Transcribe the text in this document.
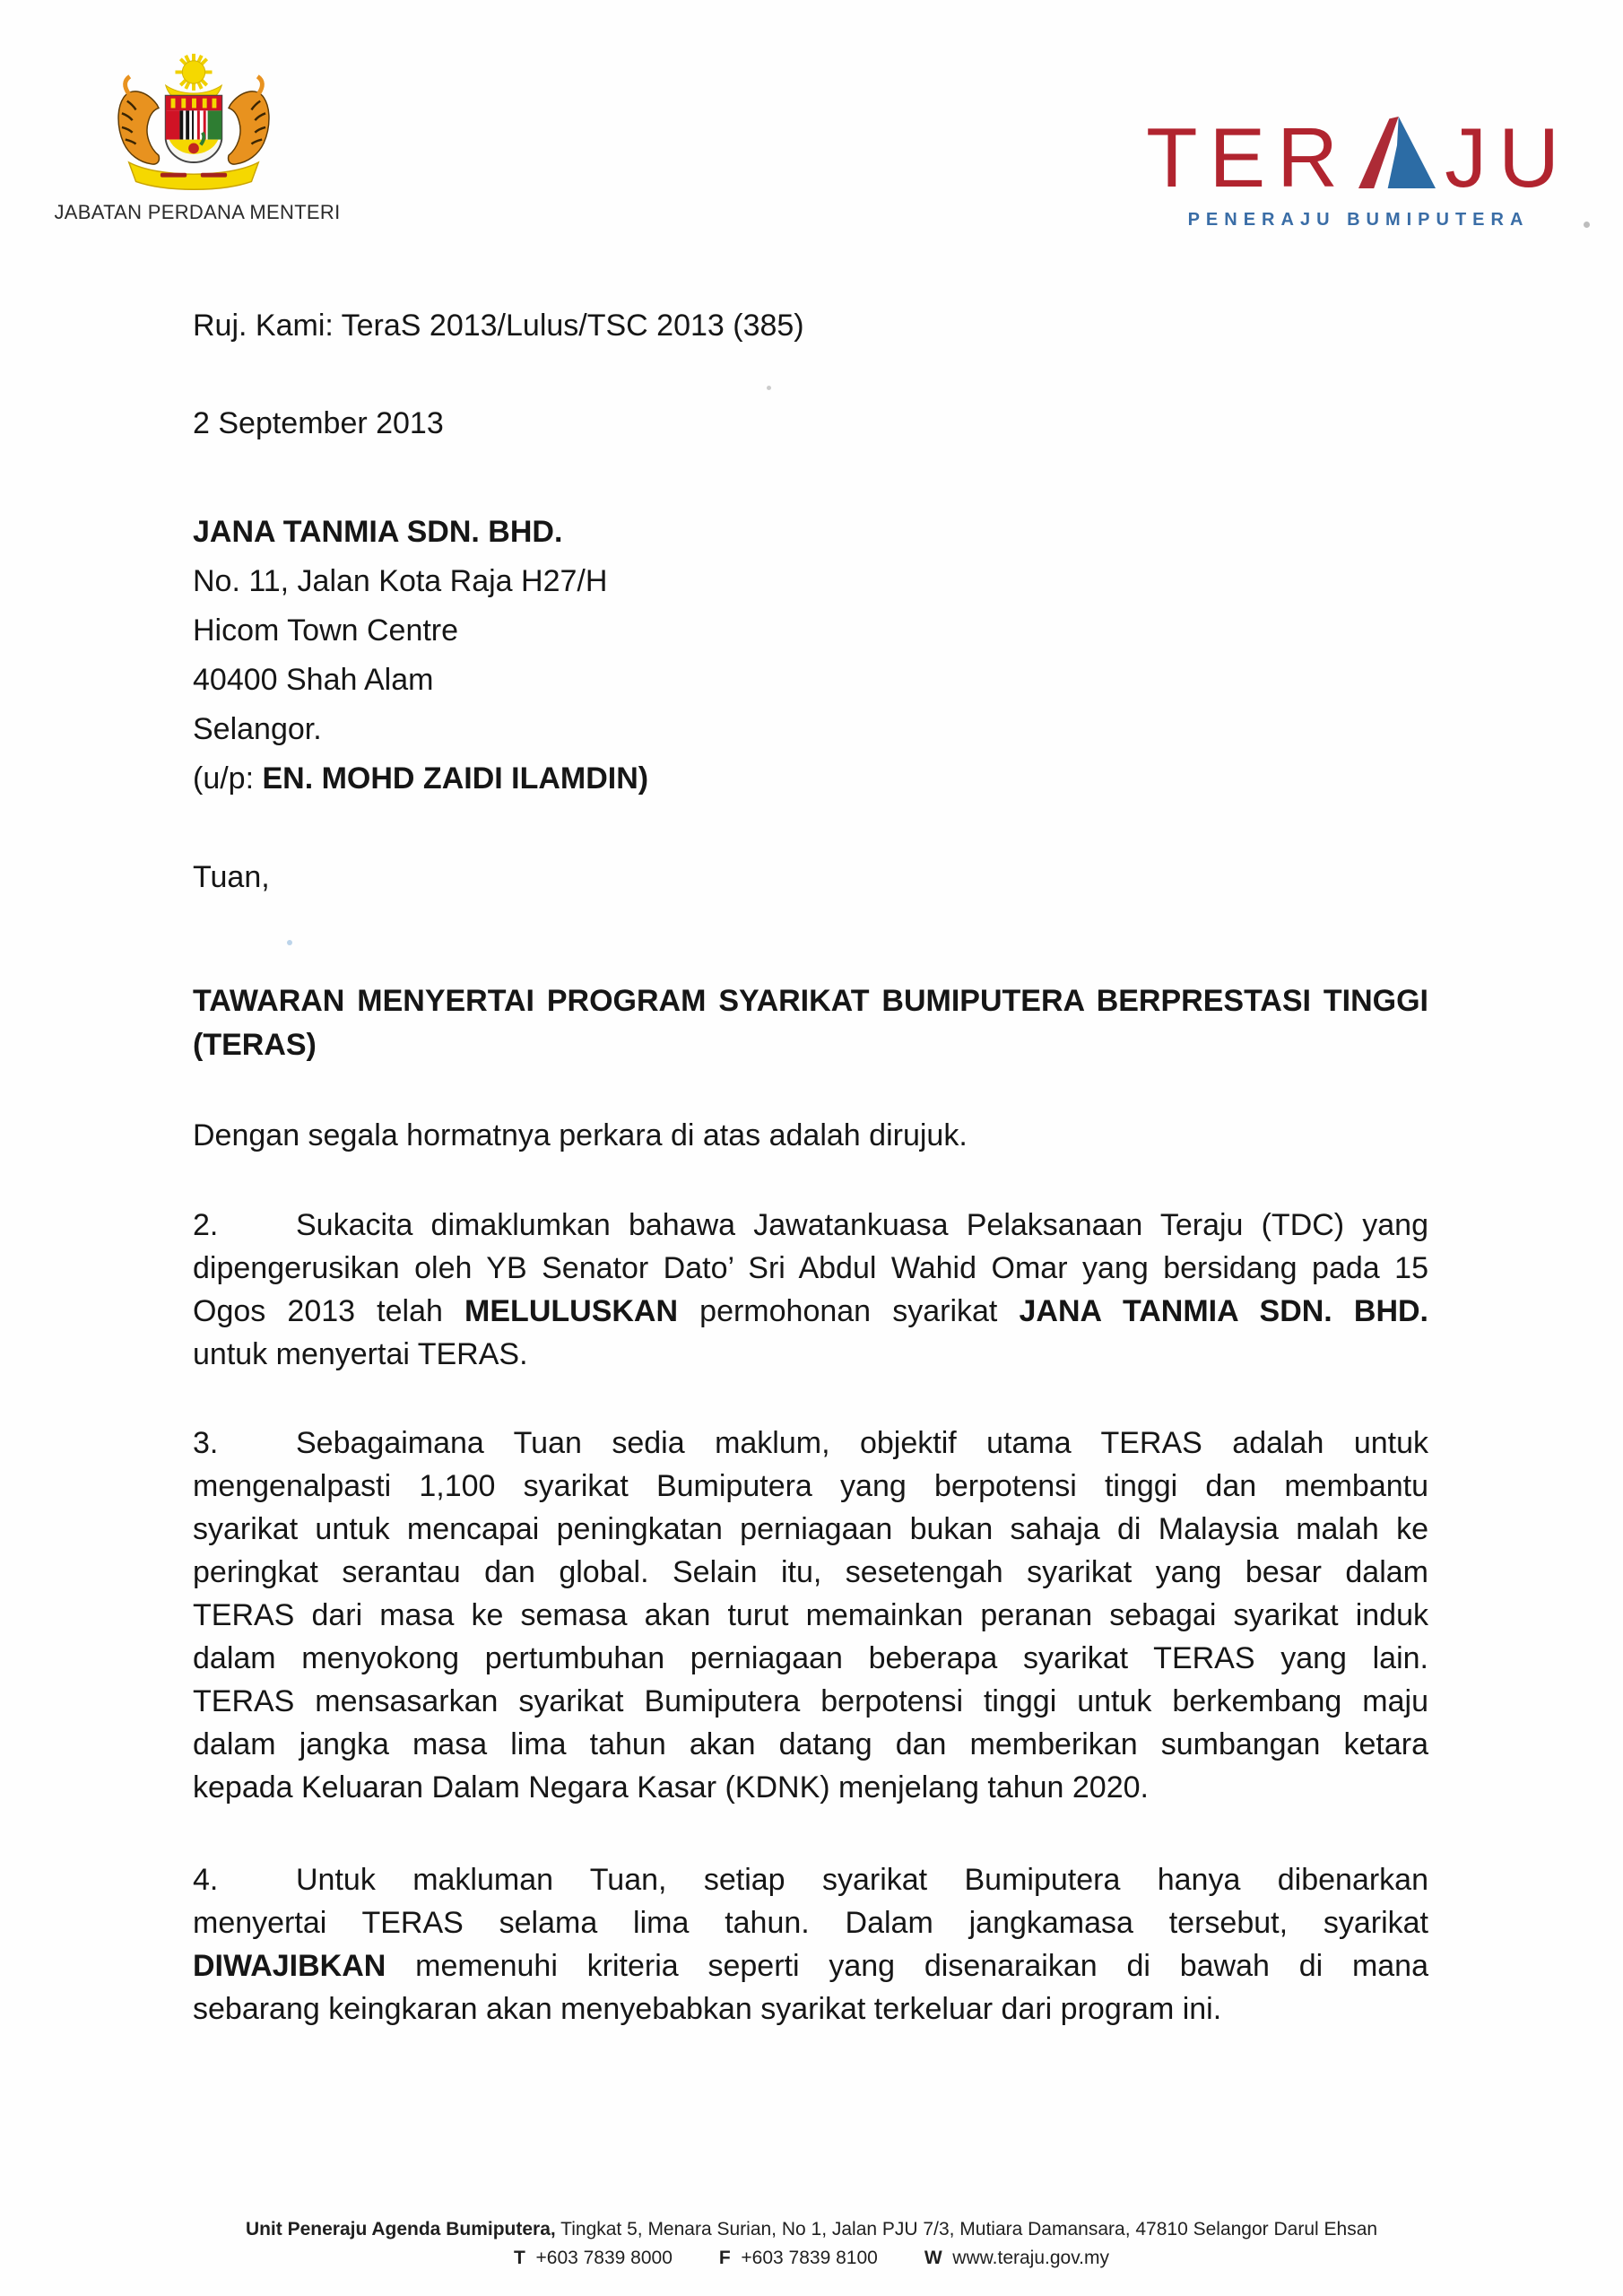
JABATAN PERDANA MENTERI
TER JU
PENERAJU BUMIPUTERA
Ruj. Kami: TeraS 2013/Lulus/TSC 2013 (385)
2 September 2013
JANA TANMIA SDN. BHD.
No. 11, Jalan Kota Raja H27/H
Hicom Town Centre
40400 Shah Alam
Selangor.
(u/p: EN. MOHD ZAIDI ILAMDIN)
Tuan,
TAWARAN MENYERTAI PROGRAM SYARIKAT BUMIPUTERA BERPRESTASI TINGGI
(TERAS)
Dengan segala hormatnya perkara di atas adalah dirujuk.
2.	Sukacita dimaklumkan bahawa Jawatankuasa Pelaksanaan Teraju (TDC) yang
dipengerusikan oleh YB Senator Dato’ Sri Abdul Wahid Omar yang bersidang pada 15
Ogos 2013 telah MELULUSKAN permohonan syarikat JANA TANMIA SDN. BHD.
untuk menyertai TERAS.
3.	Sebagaimana Tuan sedia maklum, objektif utama TERAS adalah untuk
mengenalpasti 1,100 syarikat Bumiputera yang berpotensi tinggi dan membantu
syarikat untuk mencapai peningkatan perniagaan bukan sahaja di Malaysia malah ke
peringkat serantau dan global. Selain itu, sesetengah syarikat yang besar dalam
TERAS dari masa ke semasa akan turut memainkan peranan sebagai syarikat induk
dalam menyokong pertumbuhan perniagaan beberapa syarikat TERAS yang lain.
TERAS mensasarkan syarikat Bumiputera berpotensi tinggi untuk berkembang maju
dalam jangka masa lima tahun akan datang dan memberikan sumbangan ketara
kepada Keluaran Dalam Negara Kasar (KDNK) menjelang tahun 2020.
4.	Untuk makluman Tuan, setiap syarikat Bumiputera hanya dibenarkan
menyertai TERAS selama lima tahun. Dalam jangkamasa tersebut, syarikat
DIWAJIBKAN memenuhi kriteria seperti yang disenaraikan di bawah di mana
sebarang keingkaran akan menyebabkan syarikat terkeluar dari program ini.
Unit Peneraju Agenda Bumiputera, Tingkat 5, Menara Surian, No 1, Jalan PJU 7/3, Mutiara Damansara, 47810 Selangor Darul Ehsan
T  +603 7839 8000 F  +603 7839 8100 W  www.teraju.gov.my
